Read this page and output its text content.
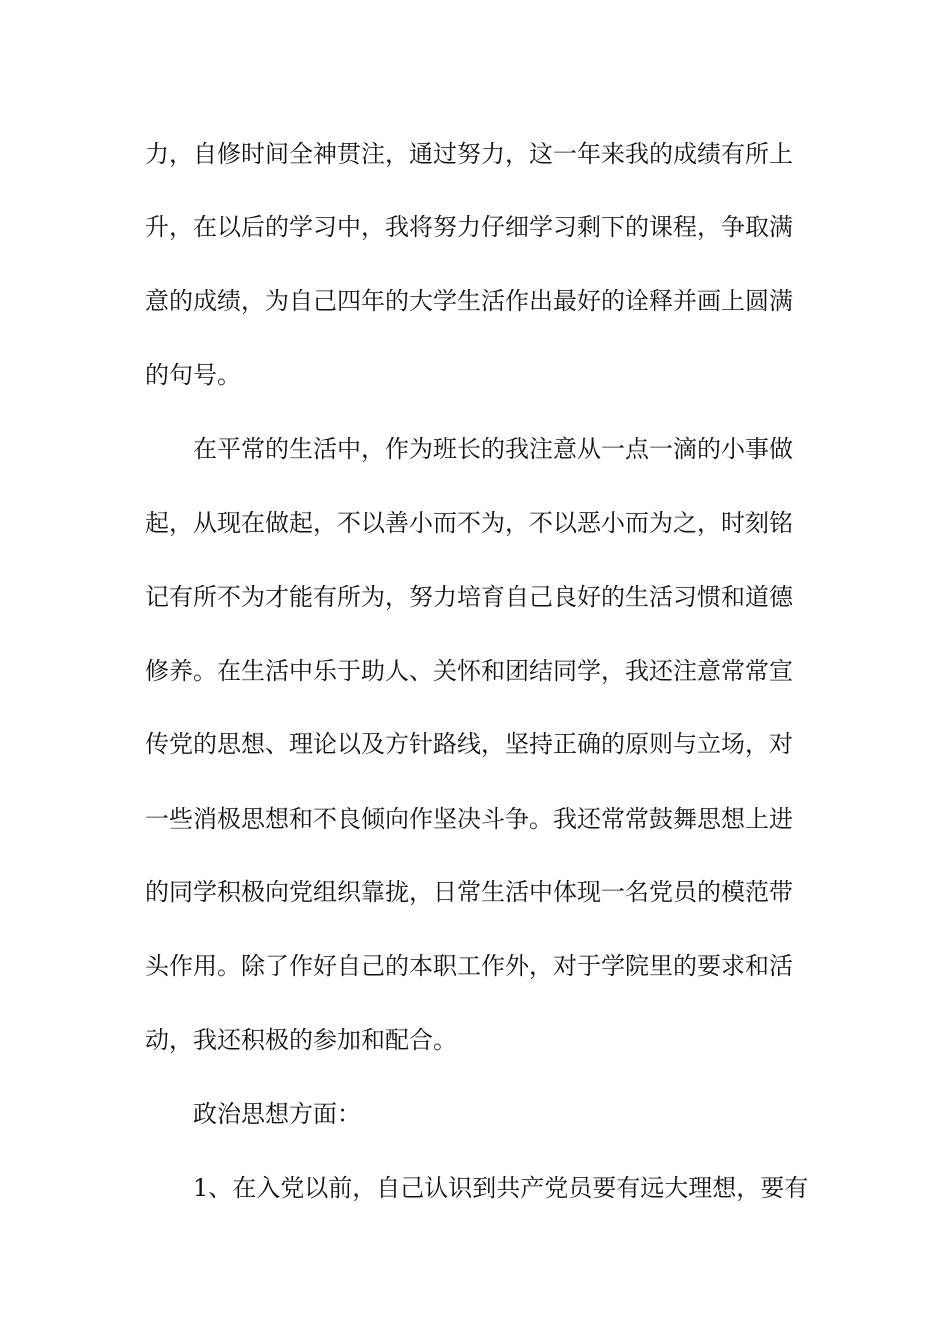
力，自修时间全神贯注，通过努力，这一年来我的成绩有所上
升，在以后的学习中，我将努力仔细学习剩下的课程，争取满
意的成绩，为自己四年的大学生活作出最好的诠释并画上圆满
的句号。
在平常的生活中，作为班长的我注意从一点一滴的小事做
起，从现在做起，不以善小而不为，不以恶小而为之，时刻铭
记有所不为才能有所为，努力培育自己良好的生活习惯和道德
修养。在生活中乐于助人、关怀和团结同学，我还注意常常宣
传党的思想、理论以及方针路线，坚持正确的原则与立场，对
一些消极思想和不良倾向作坚决斗争。我还常常鼓舞思想上进
的同学积极向党组织靠拢，日常生活中体现一名党员的模范带
头作用。除了作好自己的本职工作外，对于学院里的要求和活
动，我还积极的参加和配合。
政治思想方面：
1、在入党以前，自己认识到共产党员要有远大理想，要有
